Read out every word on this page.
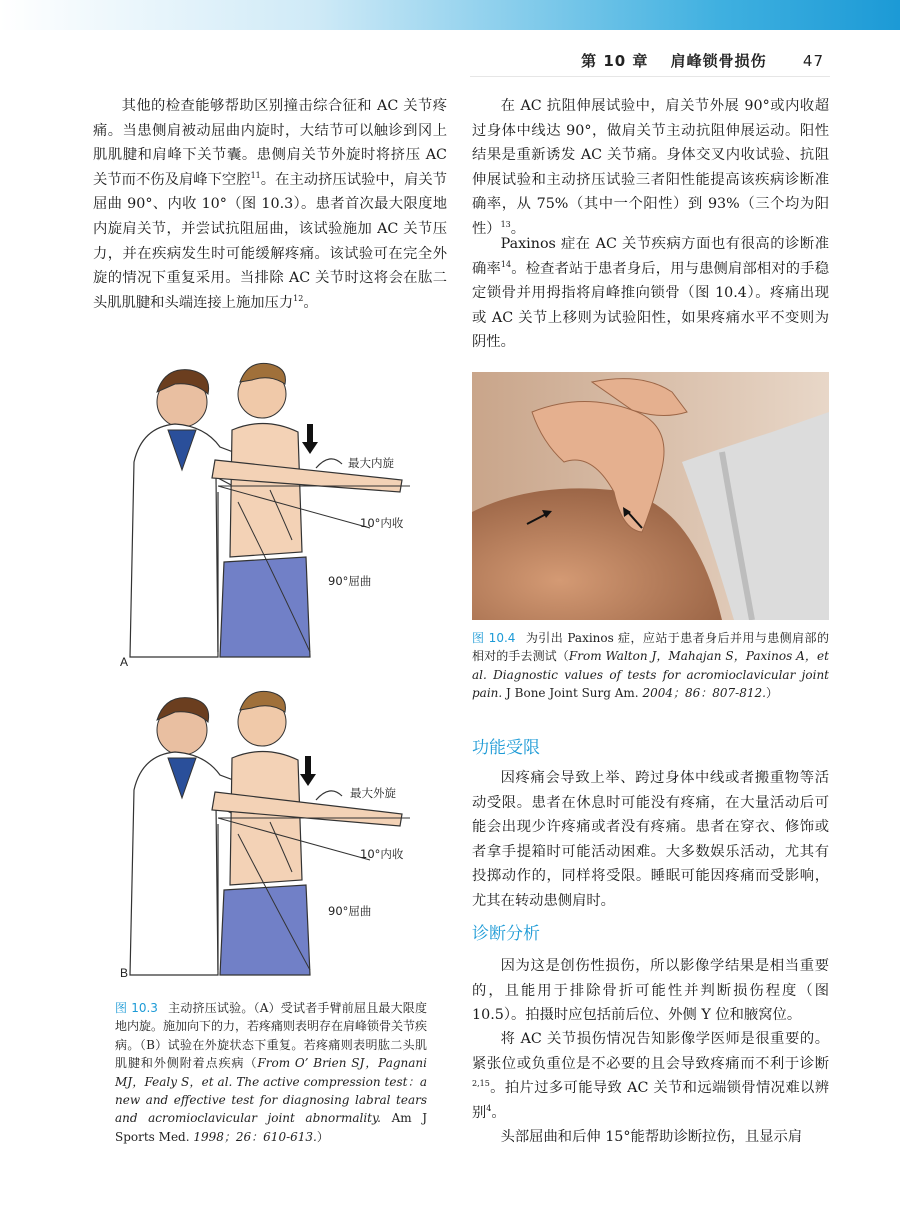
第 10 章 肩峰锁骨损伤 47

其他的检查能够帮助区别撞击综合征和 AC 关节疼痛。当患侧肩被动屈曲内旋时，大结节可以触诊到冈上肌肌腱和肩峰下关节囊。患侧肩关节外旋时将挤压 AC 关节而不伤及肩峰下空腔$^{11}$。在主动挤压试验中，肩关节屈曲 90°、内收 10°（图 10.3）。患者首次最大限度地内旋肩关节，并尝试抗阻屈曲，该试验施加 AC 关节压力，并在疾病发生时可能缓解疼痛。该试验可在完全外旋的情况下重复采用。当排除 AC 关节时这将会在肱二头肌肌腱和头端连接上施加压力$^{12}$。

最大内旋
10°内收
90°屈曲
A
最大外旋
10°内收
90°屈曲
B

图 10.3 主动挤压试验。（A）受试者手臂前屈且最大限度地内旋。施加向下的力，若疼痛则表明存在肩峰锁骨关节疾病。（B）试验在外旋状态下重复。若疼痛则表明肱二头肌肌腱和外侧附着点疾病（From O’ Brien SJ，Pagnani MJ，Fealy S，et al. The active compression test：a new and effective test for diagnosing labral tears and acromioclavicular joint abnormality. Am J Sports Med. 1998；26：610-613.）

在 AC 抗阻伸展试验中，肩关节外展 90°或内收超过身体中线达 90°，做肩关节主动抗阻伸展运动。阳性结果是重新诱发 AC 关节痛。身体交叉内收试验、抗阻伸展试验和主动挤压试验三者阳性能提高该疾病诊断准确率，从 75%（其中一个阳性）到 93%（三个均为阳性）$^{13}$。

Paxinos 症在 AC 关节疾病方面也有很高的诊断准确率$^{14}$。检查者站于患者身后，用与患侧肩部相对的手稳定锁骨并用拇指将肩峰推向锁骨（图 10.4）。疼痛出现或 AC 关节上移则为试验阳性，如果疼痛水平不变则为阴性。

图 10.4 为引出 Paxinos 症，应站于患者身后并用与患侧肩部的相对的手去测试（From Walton J，Mahajan S，Paxinos A，et al. Diagnostic values of tests for acromioclavicular joint pain. J Bone Joint Surg Am. 2004；86：807-812.）

功能受限

因疼痛会导致上举、跨过身体中线或者搬重物等活动受限。患者在休息时可能没有疼痛，在大量活动后可能会出现少许疼痛或者没有疼痛。患者在穿衣、修饰或者拿手提箱时可能活动困难。大多数娱乐活动，尤其有投掷动作的，同样将受限。睡眠可能因疼痛而受影响，尤其在转动患侧肩时。

诊断分析

因为这是创伤性损伤，所以影像学结果是相当重要的，且能用于排除骨折可能性并判断损伤程度（图 10.5）。拍摄时应包括前后位、外侧 Y 位和腋窝位。

将 AC 关节损伤情况告知影像学医师是很重要的。紧张位或负重位是不必要的且会导致疼痛而不利于诊断$^{2,15}$。拍片过多可能导致 AC 关节和远端锁骨情况难以辨别$^4$。

头部屈曲和后伸 15°能帮助诊断拉伤，且显示肩
